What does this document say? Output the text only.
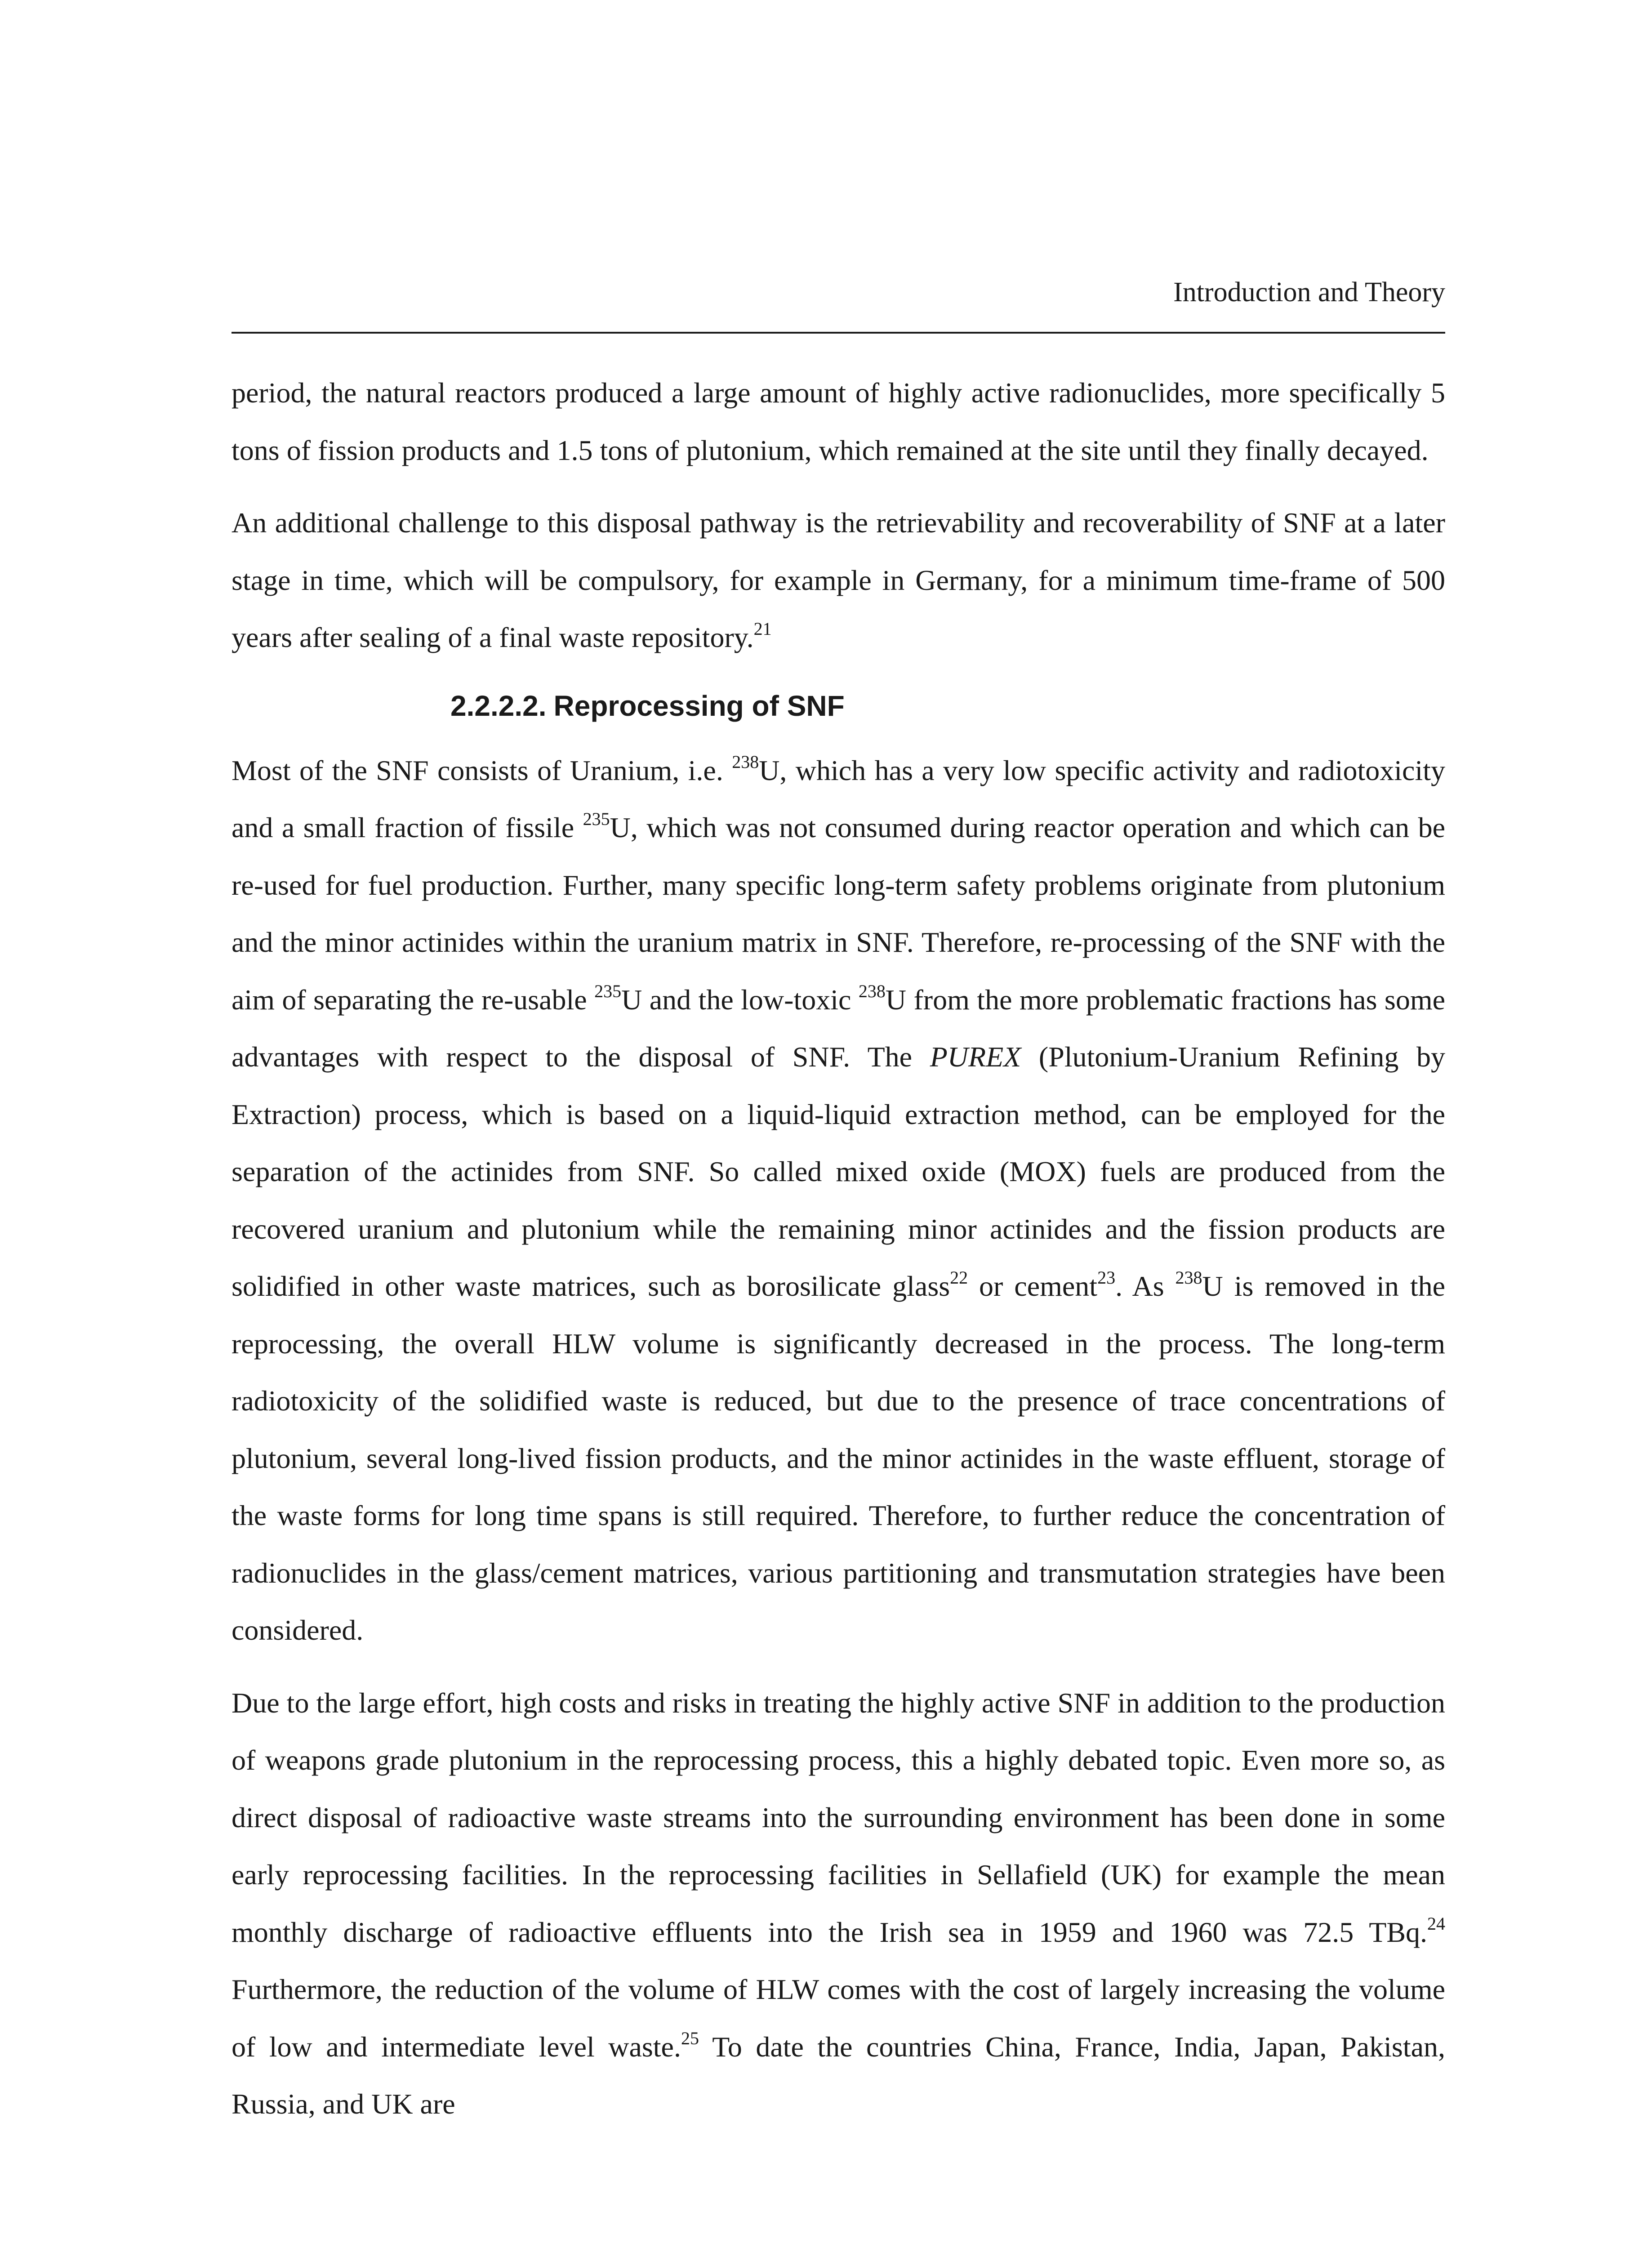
Introduction and Theory

period, the natural reactors produced a large amount of highly active radionuclides, more specifically 5 tons of fission products and 1.5 tons of plutonium, which remained at the site until they finally decayed.

An additional challenge to this disposal pathway is the retrievability and recoverability of SNF at a later stage in time, which will be compulsory, for example in Germany, for a minimum time-frame of 500 years after sealing of a final waste repository.$^{21}$

2.2.2.2. Reprocessing of SNF

Most of the SNF consists of Uranium, i.e. $^{238}$U, which has a very low specific activity and radiotoxicity and a small fraction of fissile $^{235}$U, which was not consumed during reactor operation and which can be re-used for fuel production. Further, many specific long-term safety problems originate from plutonium and the minor actinides within the uranium matrix in SNF. Therefore, re-processing of the SNF with the aim of separating the re-usable $^{235}$U and the low-toxic $^{238}$U from the more problematic fractions has some advantages with respect to the disposal of SNF. The PUREX (Plutonium-Uranium Refining by Extraction) process, which is based on a liquid-liquid extraction method, can be employed for the separation of the actinides from SNF. So called mixed oxide (MOX) fuels are produced from the recovered uranium and plutonium while the remaining minor actinides and the fission products are solidified in other waste matrices, such as borosilicate glass$^{22}$ or cement$^{23}$. As $^{238}$U is removed in the reprocessing, the overall HLW volume is significantly decreased in the process. The long-term radiotoxicity of the solidified waste is reduced, but due to the presence of trace concentrations of plutonium, several long-lived fission products, and the minor actinides in the waste effluent, storage of the waste forms for long time spans is still required. Therefore, to further reduce the concentration of radionuclides in the glass/cement matrices, various partitioning and transmutation strategies have been considered.

Due to the large effort, high costs and risks in treating the highly active SNF in addition to the production of weapons grade plutonium in the reprocessing process, this a highly debated topic. Even more so, as direct disposal of radioactive waste streams into the surrounding environment has been done in some early reprocessing facilities. In the reprocessing facilities in Sellafield (UK) for example the mean monthly discharge of radioactive effluents into the Irish sea in 1959 and 1960 was 72.5 TBq.$^{24}$ Furthermore, the reduction of the volume of HLW comes with the cost of largely increasing the volume of low and intermediate level waste.$^{25}$ To date the countries China, France, India, Japan, Pakistan, Russia, and UK are
